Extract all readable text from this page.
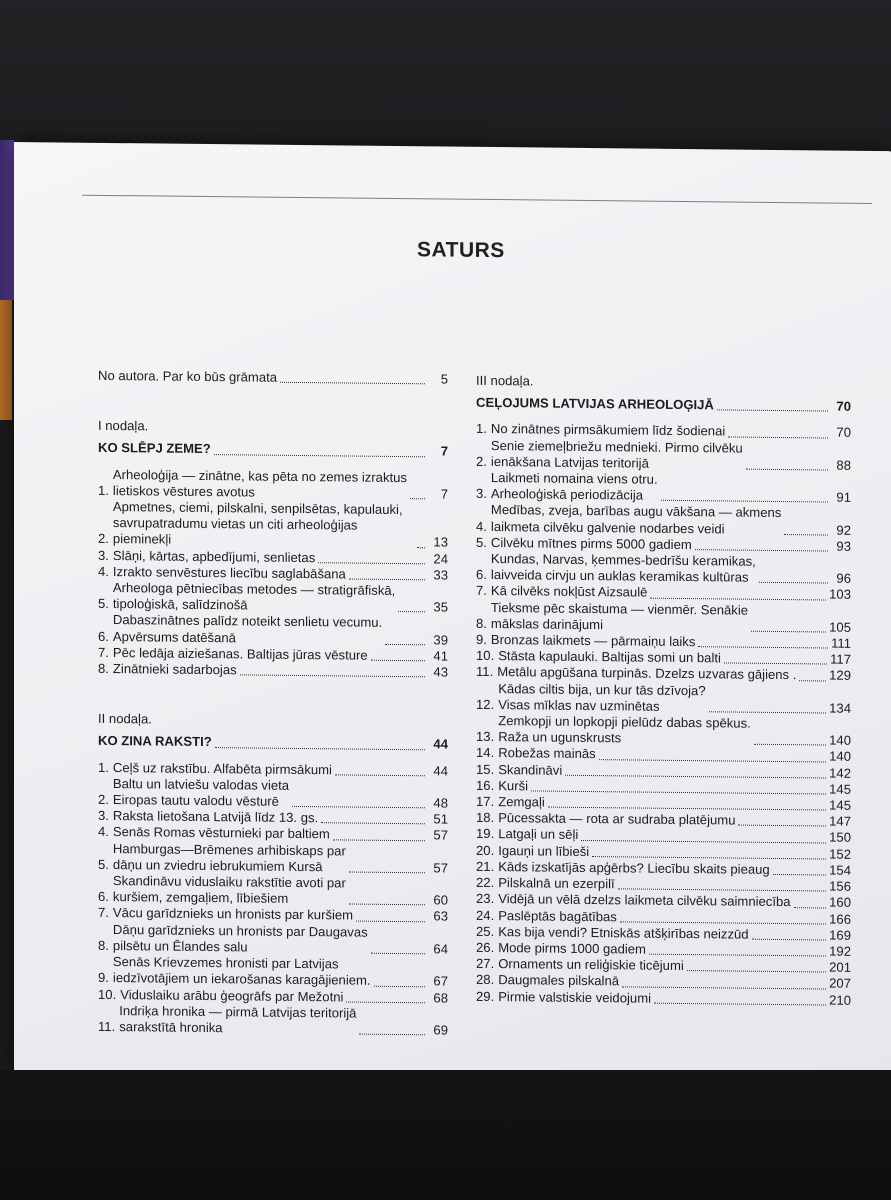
SATURS
No autora. Par ko būs grāmata	5
I nodaļa.
KO SLĒPJ ZEME?	7
1.
Arheoloģija — zinātne, kas pēta no zemes izraktus
lietiskos vēstures avotus	7
2.
Apmetnes, ciemi, pilskalni, senpilsētas, kapulauki,
savrupatradumu vietas un citi arheoloģijas pieminekļi	13
3. Slāņi, kārtas, apbedījumi, senlietas	24
4. Izrakto senvēstures liecību saglabāšana	33
5.
Arheologa pētniecības metodes — stratigrāfiskā,
tipoloģiskā, salīdzinošā	35
6.
Dabaszinātnes palīdz noteikt senlietu vecumu.
Apvērsums datēšanā	39
7. Pēc ledāja aiziešanas. Baltijas jūras vēsture	41
8. Zinātnieki sadarbojas	43
II nodaļa.
KO ZINA RAKSTI?	44
1. Ceļš uz rakstību. Alfabēta pirmsākumi	44
2.
Baltu un latviešu valodas vieta
Eiropas tautu valodu vēsturē	48
3. Raksta lietošana Latvijā līdz 13. gs.	51
4. Senās Romas vēsturnieki par baltiem	57
5.
Hamburgas—Brēmenes arhibiskaps par
dāņu un zviedru iebrukumiem Kursā	57
6.
Skandināvu viduslaiku rakstītie avoti par
kuršiem, zemgaļiem, lībiešiem	60
7. Vācu garīdznieks un hronists par kuršiem	63
8.
Dāņu garīdznieks un hronists par Daugavas
pilsētu un Ēlandes salu	64
9.
Senās Krievzemes hronisti par Latvijas
iedzīvotājiem un iekarošanas karagājieniem.	67
10. Viduslaiku arābu ģeogrāfs par Mežotni	68
11.
Indriķa hronika — pirmā Latvijas teritorijā
sarakstītā hronika	69
III nodaļa.
CEĻOJUMS LATVIJAS ARHEOLOĢIJĀ	70
1. No zinātnes pirmsākumiem līdz šodienai	70
2.
Senie ziemeļbriežu mednieki. Pirmo cilvēku
ienākšana Latvijas teritorijā	88
3.
Laikmeti nomaina viens otru.
Arheoloģiskā periodizācija	91
4.
Medības, zveja, barības augu vākšana — akmens
laikmeta cilvēku galvenie nodarbes veidi	92
5. Cilvēku mītnes pirms 5000 gadiem	93
6.
Kundas, Narvas, ķemmes-bedrīšu keramikas,
laivveida cirvju un auklas keramikas kultūras	96
7. Kā cilvēks nokļūst Aizsaulē	103
8.
Tieksme pēc skaistuma — vienmēr. Senākie
mākslas darinājumi	105
9. Bronzas laikmets — pārmaiņu laiks	111
10. Stāsta kapulauki. Baltijas somi un balti	117
11. Metālu apgūšana turpinās. Dzelzs uzvaras gājiens .	129
12.
Kādas ciltis bija, un kur tās dzīvoja?
Visas mīklas nav uzminētas	134
13.
Zemkopji un lopkopji pielūdz dabas spēkus.
Raža un ugunskrusts	140
14. Robežas mainās	140
15. Skandināvi	142
16. Kurši	145
17. Zemgaļi	145
18. Pūcessakta — rota ar sudraba platējumu	147
19. Latgaļi un sēļi	150
20. Igauņi un lībieši	152
21. Kāds izskatījās apģērbs? Liecību skaits pieaug	154
22. Pilskalnā un ezerpilī	156
23. Vidējā un vēlā dzelzs laikmeta cilvēku saimniecība	160
24. Paslēptās bagātības	166
25. Kas bija vendi? Etniskās atšķirības neizzūd	169
26. Mode pirms 1000 gadiem	192
27. Ornaments un reliģiskie ticējumi	201
28. Daugmales pilskalnā	207
29. Pirmie valstiskie veidojumi	210
